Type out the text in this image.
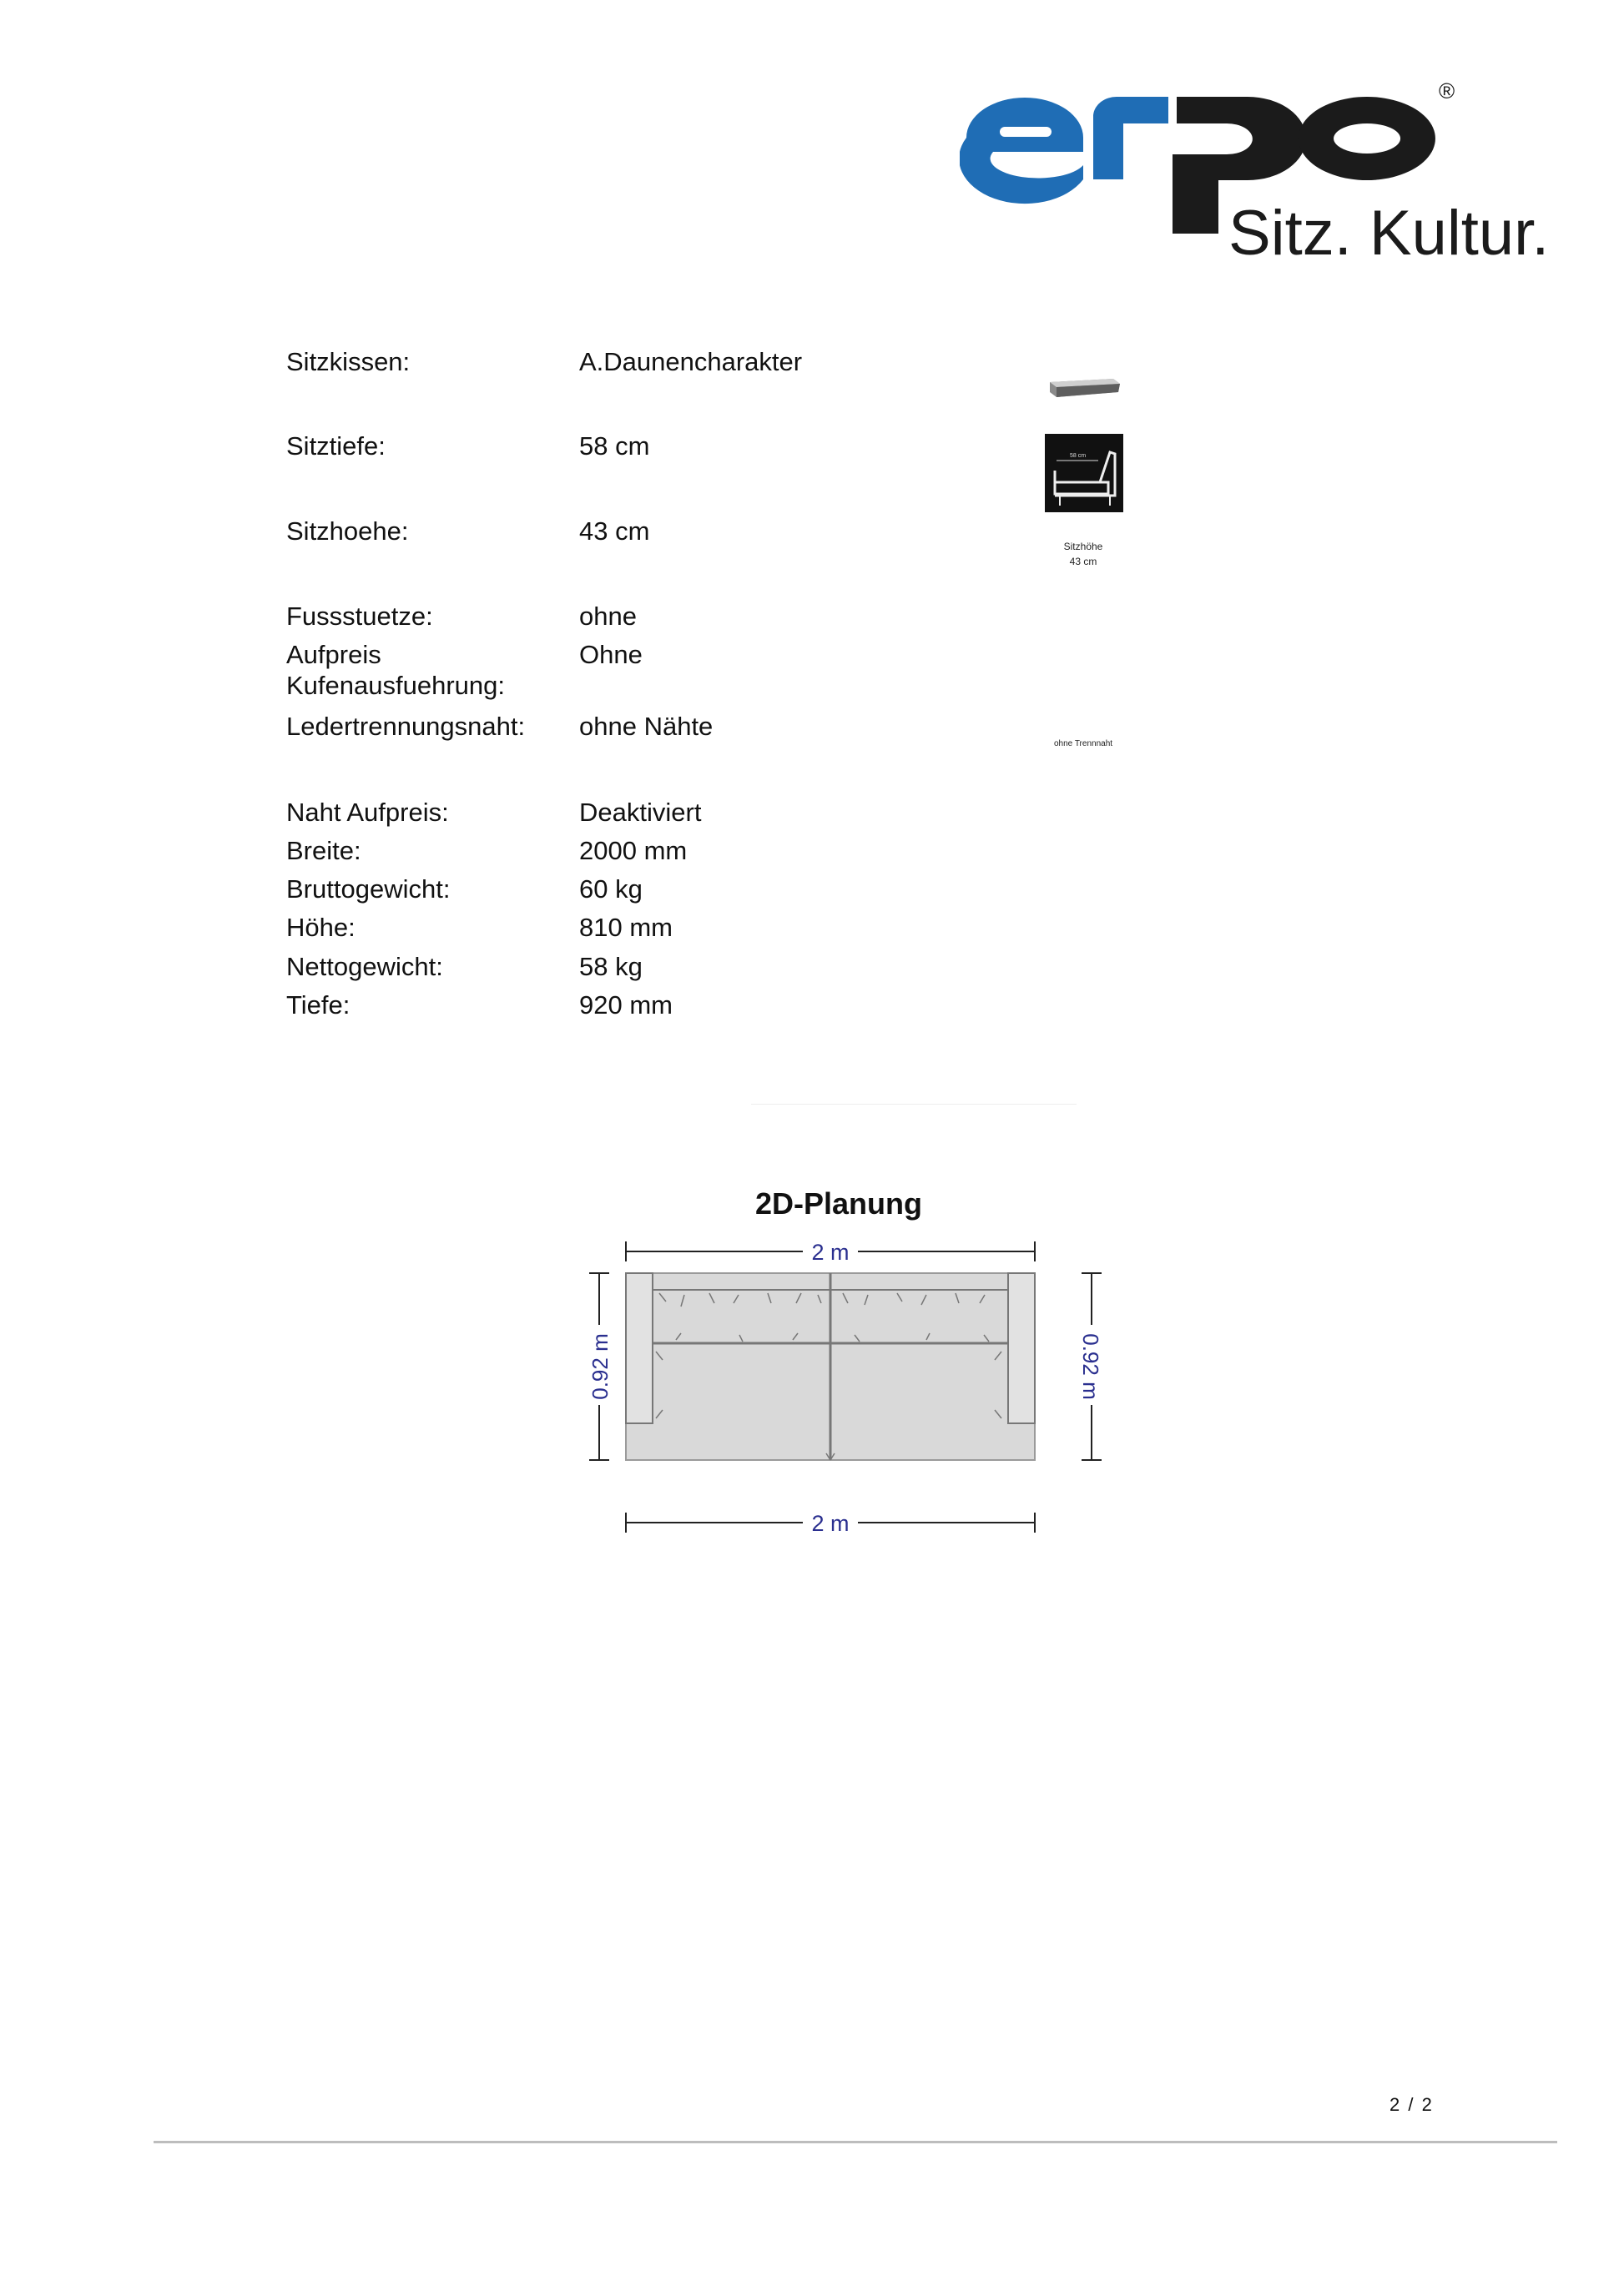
®
Sitz. Kultur.
Sitzkissen:	A.Daunencharakter
Sitztiefe:	58 cm
Sitzhoehe:	43 cm
Fussstuetze:	ohne
Aufpreis Kufenausfuehrung:
Ohne
Ledertrennungsnaht:	ohne Nähte
Naht Aufpreis:	Deaktiviert
Breite:	2000 mm
Bruttogewicht:	60 kg
Höhe:	810 mm
Nettogewicht:	58 kg
Tiefe:	920 mm
58 cm
Sitzhöhe
43 cm
ohne Trennnaht
2D-Planung
2 m
0.92 m	0.92 m
2 m
2 / 2
